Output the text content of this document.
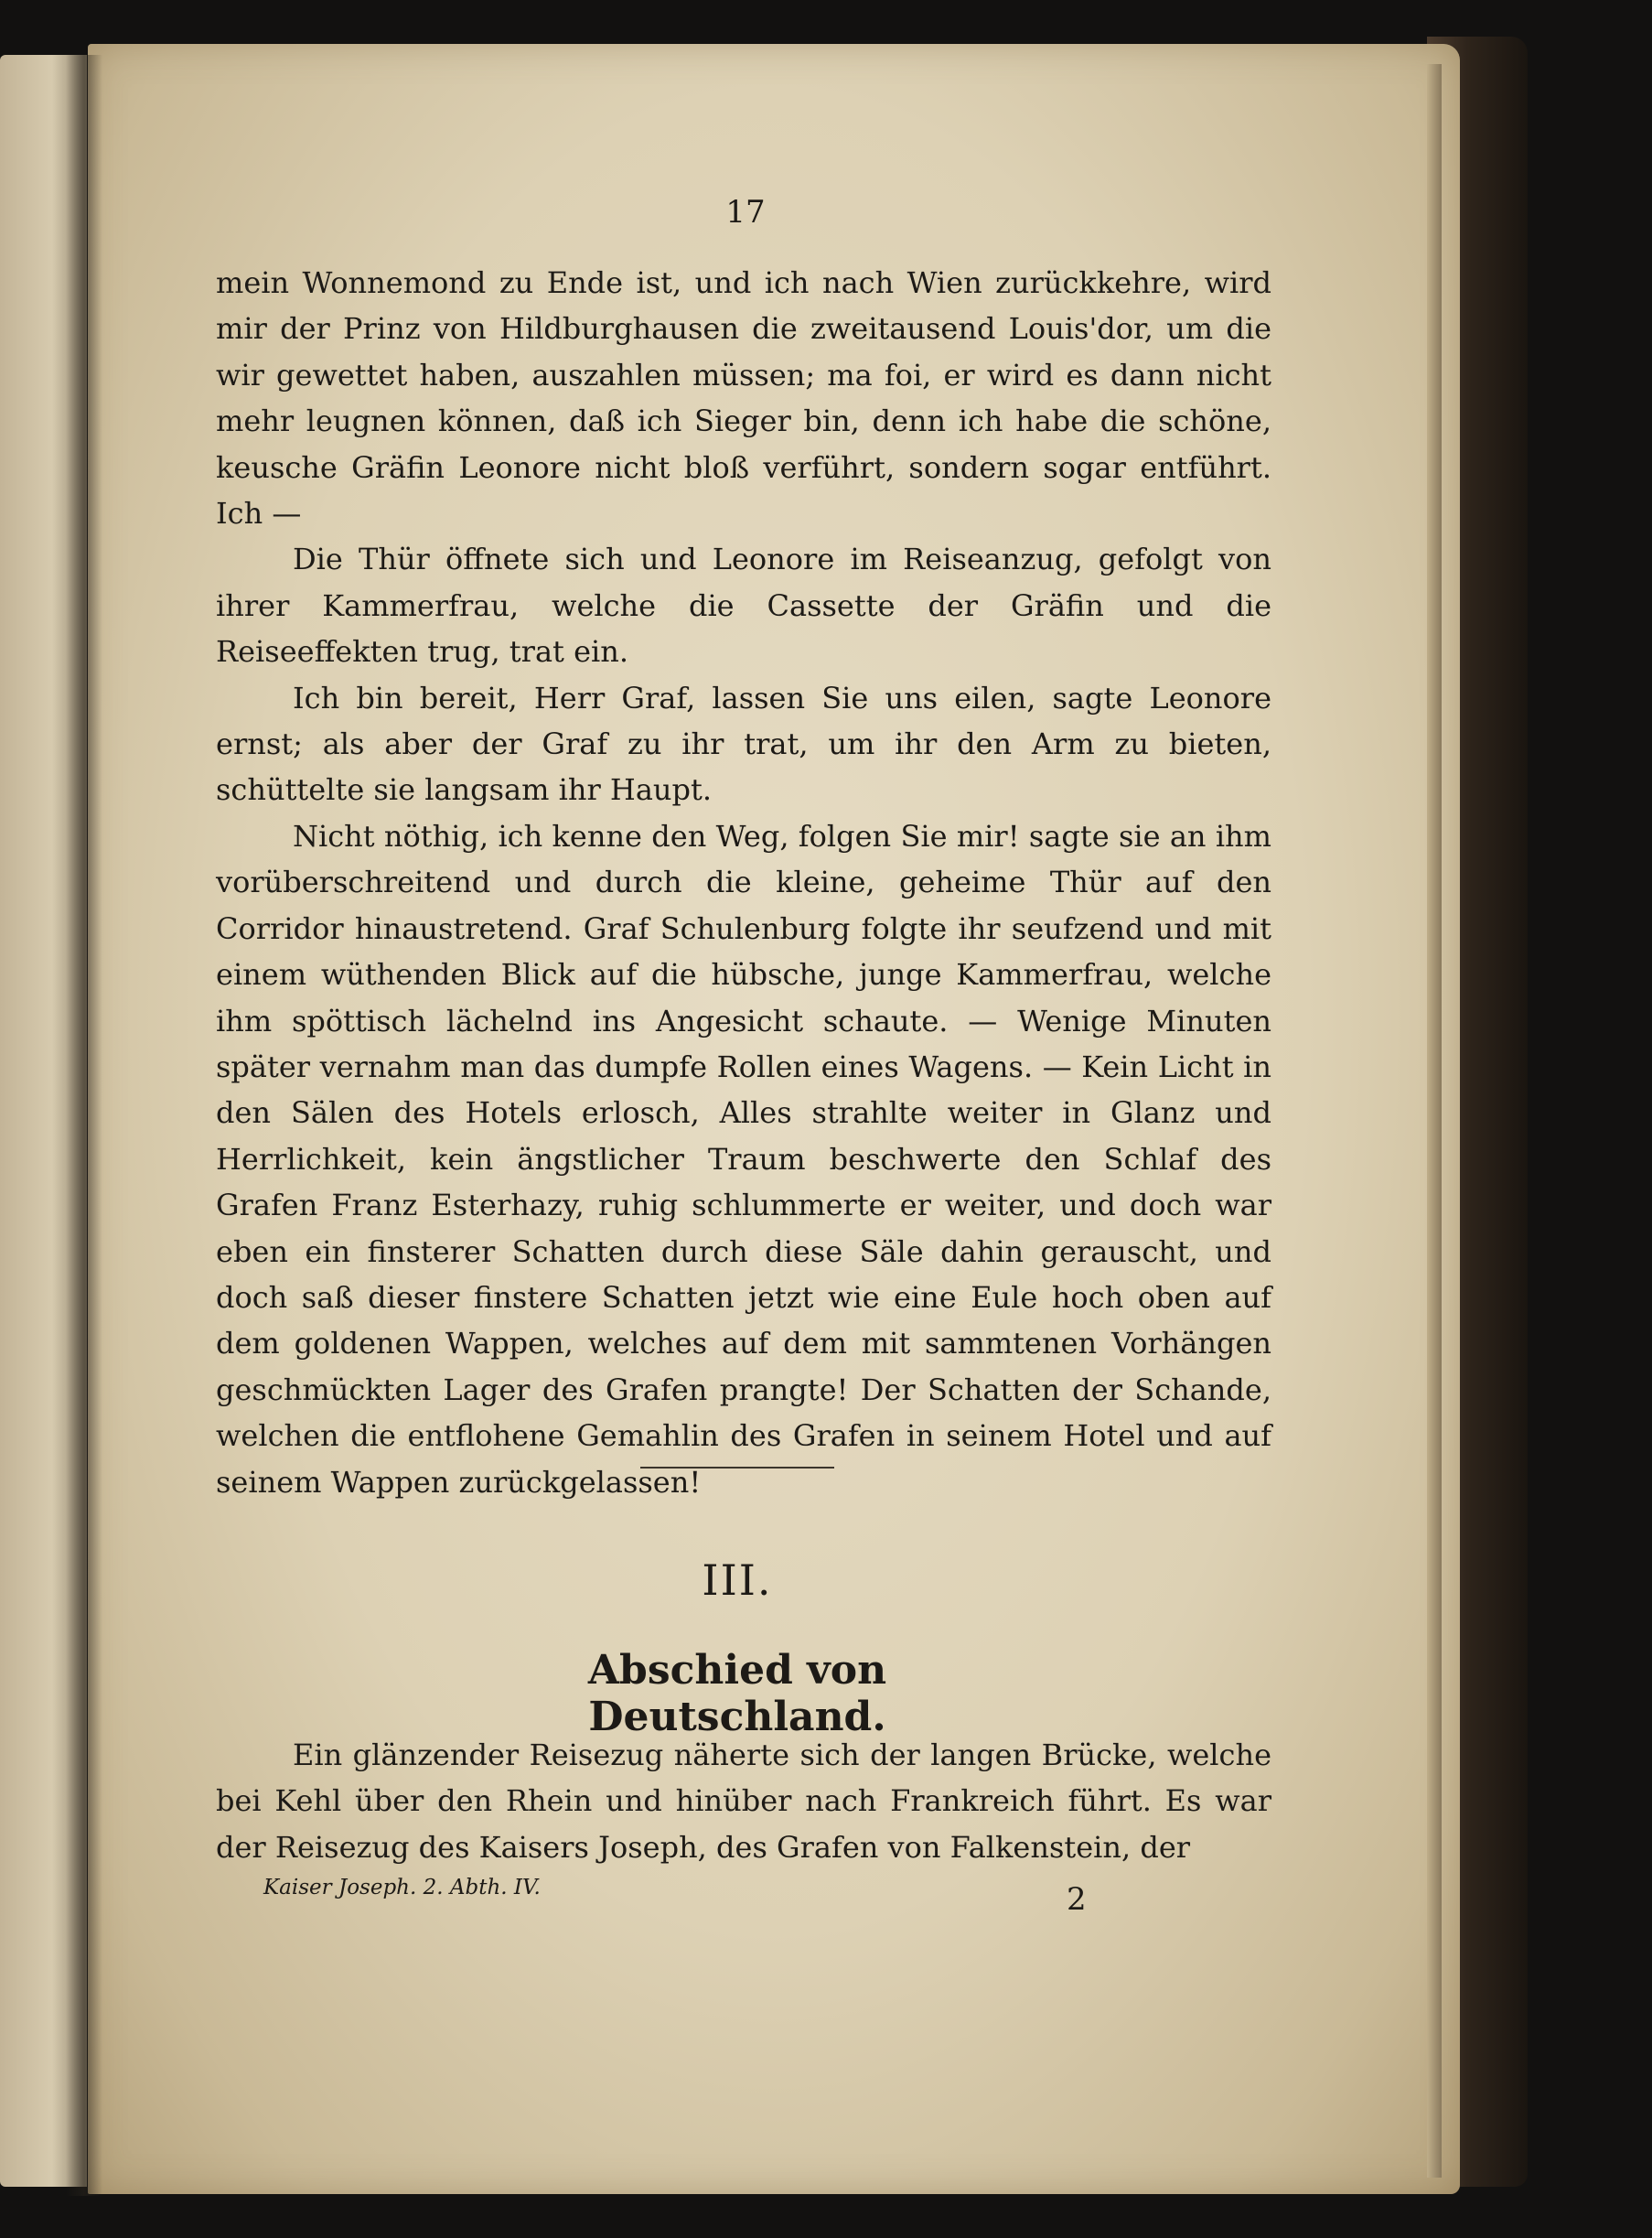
17

mein Wonnemond zu Ende ist, und ich nach Wien zurückkehre, wird mir der Prinz von Hildburghausen die zweitausend Louis'dor, um die wir gewettet haben, auszahlen müssen; ma foi, er wird es dann nicht mehr leugnen können, daß ich Sieger bin, denn ich habe die schöne, keusche Gräfin Leonore nicht bloß verführt, sondern sogar entführt. Ich —

Die Thür öffnete sich und Leonore im Reiseanzug, gefolgt von ihrer Kammerfrau, welche die Cassette der Gräfin und die Reiseeffekten trug, trat ein.

Ich bin bereit, Herr Graf, lassen Sie uns eilen, sagte Leonore ernst; als aber der Graf zu ihr trat, um ihr den Arm zu bieten, schüttelte sie langsam ihr Haupt.

Nicht nöthig, ich kenne den Weg, folgen Sie mir! sagte sie an ihm vorüberschreitend und durch die kleine, geheime Thür auf den Corridor hinaustretend. Graf Schulenburg folgte ihr seufzend und mit einem wüthenden Blick auf die hübsche, junge Kammerfrau, welche ihm spöttisch lächelnd ins Angesicht schaute. — Wenige Minuten später vernahm man das dumpfe Rollen eines Wagens. — Kein Licht in den Sälen des Hotels erlosch, Alles strahlte weiter in Glanz und Herrlichkeit, kein ängstlicher Traum beschwerte den Schlaf des Grafen Franz Esterhazy, ruhig schlummerte er weiter, und doch war eben ein finsterer Schatten durch diese Säle dahin gerauscht, und doch saß dieser finstere Schatten jetzt wie eine Eule hoch oben auf dem goldenen Wappen, welches auf dem mit sammtenen Vorhängen geschmückten Lager des Grafen prangte! Der Schatten der Schande, welchen die entflohene Gemahlin des Grafen in seinem Hotel und auf seinem Wappen zurückgelassen!

III.
Abschied von Deutschland.

Ein glänzender Reisezug näherte sich der langen Brücke, welche bei Kehl über den Rhein und hinüber nach Frankreich führt. Es war der Reisezug des Kaisers Joseph, des Grafen von Falkenstein, der

Kaiser Joseph. 2. Abth. IV.	2
